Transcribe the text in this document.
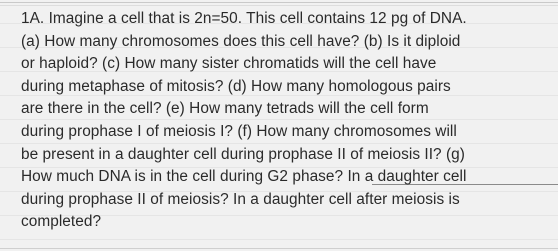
1A. Imagine a cell that is 2n=50. This cell contains 12 pg of DNA.
(a) How many chromosomes does this cell have? (b) Is it diploid
or haploid? (c) How many sister chromatids will the cell have
during metaphase of mitosis? (d) How many homologous pairs
are there in the cell? (e) How many tetrads will the cell form
during prophase I of meiosis I? (f) How many chromosomes will
be present in a daughter cell during prophase II of meiosis II? (g)
How much DNA is in the cell during G2 phase? In a daughter cell
during prophase II of meiosis? In a daughter cell after meiosis is
completed?
